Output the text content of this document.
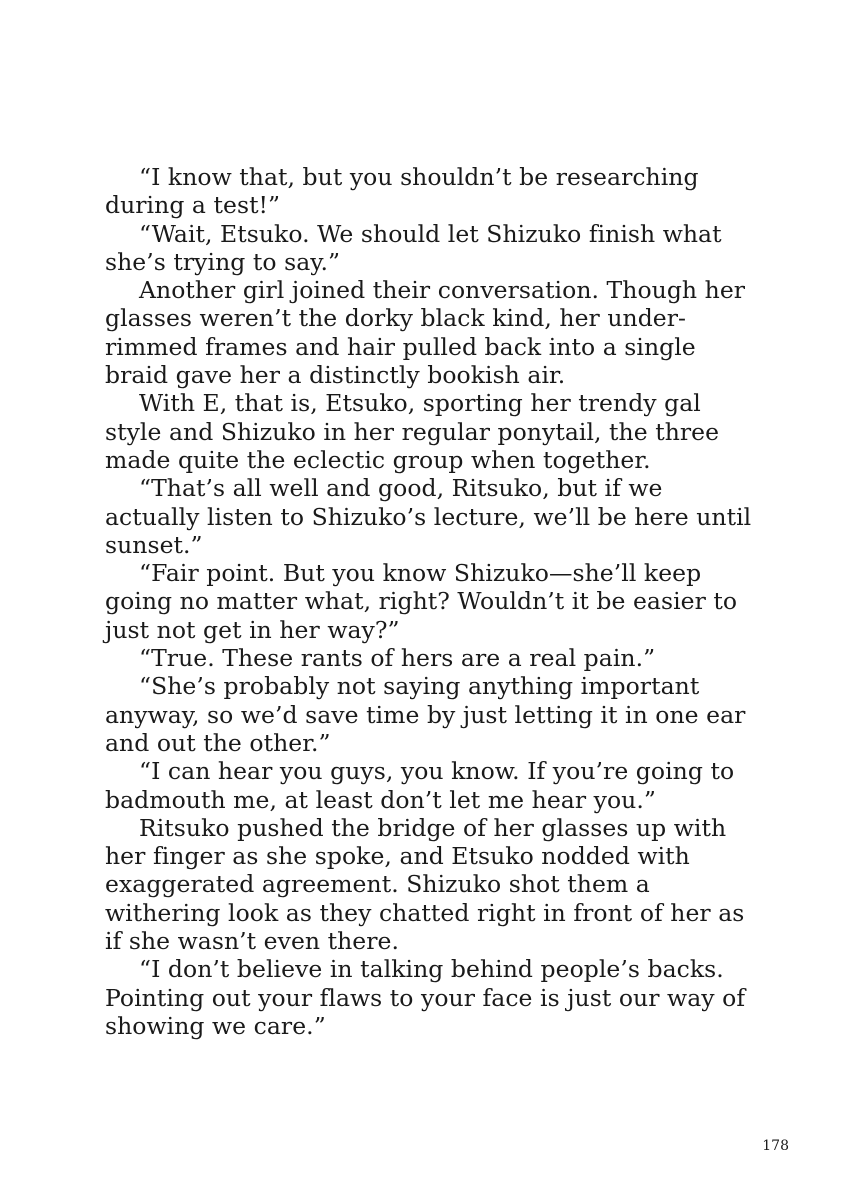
“I know that, but you shouldn’t be researching during a test!”

“Wait, Etsuko. We should let Shizuko finish what she’s trying to say.”

Another girl joined their conversation. Though her glasses weren’t the dorky black kind, her under-rimmed frames and hair pulled back into a single braid gave her a distinctly bookish air.

With E, that is, Etsuko, sporting her trendy gal style and Shizuko in her regular ponytail, the three made quite the eclectic group when together.

“That’s all well and good, Ritsuko, but if we actually listen to Shizuko’s lecture, we’ll be here until sunset.”

“Fair point. But you know Shizuko—she’ll keep going no matter what, right? Wouldn’t it be easier to just not get in her way?”

“True. These rants of hers are a real pain.”

“She’s probably not saying anything important anyway, so we’d save time by just letting it in one ear and out the other.”

“I can hear you guys, you know. If you’re going to badmouth me, at least don’t let me hear you.”

Ritsuko pushed the bridge of her glasses up with her finger as she spoke, and Etsuko nodded with exaggerated agreement. Shizuko shot them a withering look as they chatted right in front of her as if she wasn’t even there.

“I don’t believe in talking behind people’s backs. Pointing out your flaws to your face is just our way of showing we care.”

178
